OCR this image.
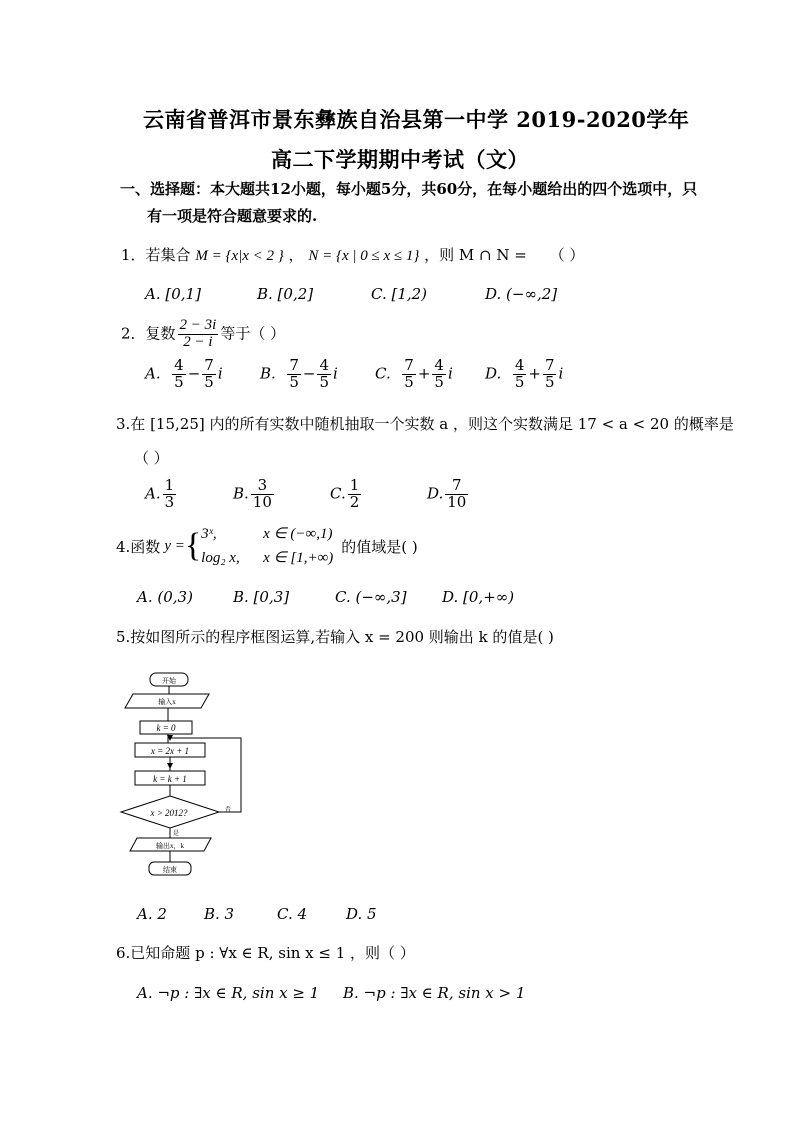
云南省普洱市景东彝族自治县第一中学 2019-2020学年
高二下学期期中考试（文）
一、选择题：本大题共12小题，每小题5分，共60分，在每小题给出的四个选项中，只
有一项是符合题意要求的.
1．若集合 M = {x|x < 2 } ， N = {x | 0 ≤ x ≤ 1} ，则 M ∩ N = （ ）
A. [0,1]	B. [0,2]	C. [1,2)	D. (−∞,2]
2．复数 $\frac{2 - 3i}{2 - i}$ 等于（ ）
A. $\frac{4}{5} - \frac{7}{5}$ i B. $\frac{7}{5} - \frac{4}{5}$ i C. $\frac{7}{5} + \frac{4}{5}$ i D. $\frac{4}{5} + \frac{7}{5}$ i
3.在 [15,25] 内的所有实数中随机抽取一个实数 a ，则这个实数满足 17 < a < 20 的概率是
（ ）
A. $\frac{1}{3}$	B. $\frac{3}{10}$	C. $\frac{1}{2}$	D. $\frac{7}{10}$
4.函数 y = { 3ˣ,	x ∈ (−∞,1)
log₂ x, x ∈ [1,+∞)
的值域是( )
A. (0,3)	B. [0,3]	C. (−∞,3] D. [0,+∞)
5.按如图所示的程序框图运算,若输入 x = 200 则输出 k 的值是( )
开始
输入x
k = 0
x = 2x + 1
k = k + 1
x > 2012?	否
是
输出x，k
结束
A. 2 B. 3	C. 4	D. 5
6.已知命题 p : ∀x ∈ R, sin x ≤ 1 ，则（ ）
A. ¬p : ∃x ∈ R, sin x ≥ 1 B. ¬p : ∃x ∈ R, sin x > 1
